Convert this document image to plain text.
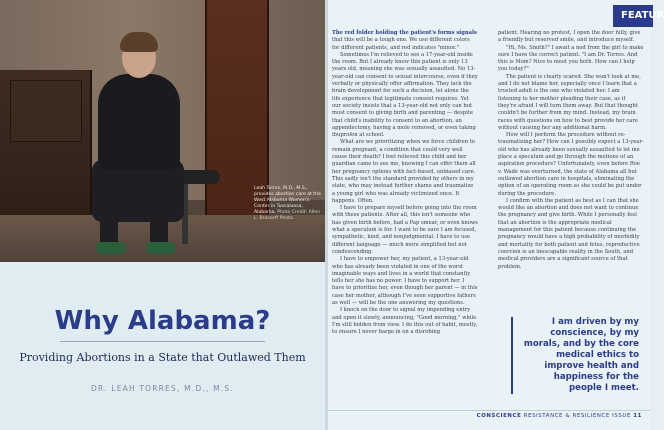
Leah Torres, M.D., M.S., provides abortion care at the West Alabama Women's Center in Tuscaloosa, Alabama. Photo Credit: Allen L. Brasseff Photo.
Why Alabama?
Providing Abortions in a State that Outlawed Them
DR. LEAH TORRES, M.D., M.S.
FEATUR

The red folder holding the patient's forms signals that this will be a tough one. We use different colors for different patients, and red indicates "minor."

Sometimes I'm relieved to see a 17-year-old inside the room. But I already know this patient is only 13 years old, meaning she was sexually assaulted. No 13-year-old can consent to sexual intercourse, even if they verbally or physically offer affirmation. They lack the brain development for such a decision, let alone the life experience that legitimate consent requires. Yet our society insists that a 13-year-old not only can but must consent to giving birth and parenting — despite that child's inability to consent to an abortion, an appendectomy, having a mole removed, or even taking ibuprofen at school.

What are we prioritizing when we force children to remain pregnant, a condition that could very well cause their death? I feel relieved this child and her guardian came to see me, knowing I can offer them all her pregnancy options with fact-based, unbiased care. This sadly isn't the standard provided by others in my state, who may instead further shame and traumatize a young girl who was already victimized once. It happens. Often.

I have to prepare myself before going into the room with these patients. After all, this isn't someone who has given birth before, had a Pap smear, or even knows what a speculum is for. I want to be sure I am focused, sympathetic, kind, and nonjudgmental. I have to use different language — much more simplified but not condescending.

I have to empower her, my patient, a 13-year-old who has already been violated in one of the worst imaginable ways and lives in a world that constantly tells her she has no power. I have to support her. I have to prioritize her, even though her parent — in this case her mother, although I've seen supportive fathers as well — will be the one answering my questions.

I knock on the door to signal my impending entry and open it slowly, announcing, "Good morning," while I'm still hidden from view. I do this out of habit, mostly, to ensure I never barge in on a disrobing

patient. Hearing no protest, I open the door fully, give a friendly but reserved smile, and introduce myself.

"Hi, Ms. Smith?" I await a nod from the girl to make sure I have the correct patient. "I am Dr. Torres. And this is Mom? Nice to meet you both. How can I help you today?"

The patient is clearly scared. She won't look at me, and I do not blame her, especially once I learn that a trusted adult is the one who violated her. I am listening to her mother pleading their case, as if they're afraid I will turn them away. But that thought couldn't be further from my mind. Instead, my brain races with questions on how to best provide her care without causing her any additional harm.

How will I perform the procedure without re-traumatizing her? How can I possibly expect a 13-year-old who has already been sexually assaulted to let me place a speculum and go through the motions of an aspiration procedure? Unfortunately, even before Roe v. Wade was overturned, the state of Alabama all but outlawed abortion care in hospitals, eliminating the option of an operating room so she could be put under during the procedure.

I confirm with the patient as best as I can that she would like an abortion and does not want to continue the pregnancy and give birth. While I personally feel that an abortion is the appropriate medical management for this patient because continuing the pregnancy would have a high probability of morbidity and mortality for both patient and fetus, reproductive coercion is an inescapable reality in the South, and medical providers are a significant source of that problem.

I am driven by my conscience, by my morals, and by the core medical ethics to improve health and happiness for the people I meet.
CONSCIENCE RESISTANCE & RESILIENCE ISSUE 11
